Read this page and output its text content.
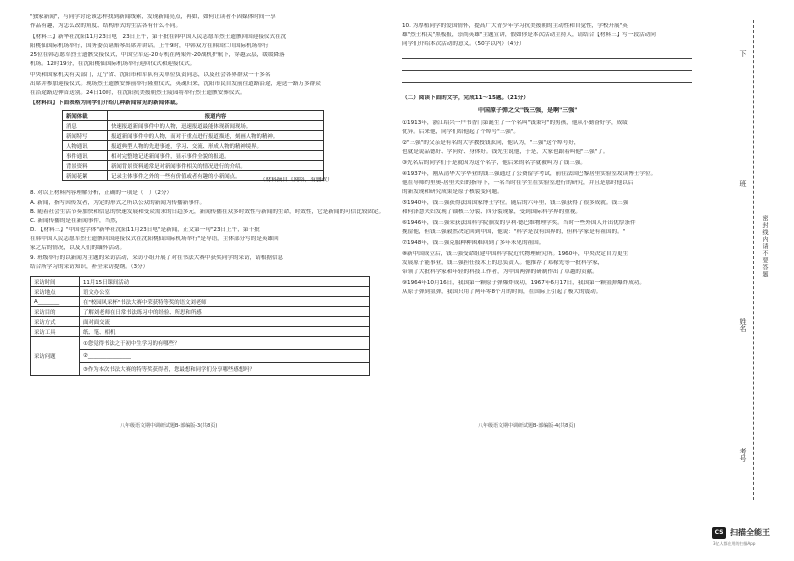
"独家新闻"，与同学讨论该怎样找到新闻线索，发现新闻亮点，再如，如何让读者不因媒体时间一享
作品有趣，为怎么改的角度、结构形式的生活各有什么不同。
【材料三】新华社沈阳11月23日电　23日上午，第十批在韩中国人民志愿军烈士遗骸回国迎接仪式在沈
阳桃仙国际机场举行，国务委员谌贻琴出席并讲话。上午9时，中韩双方在韩国仁川国际机场举行
25位在韩志愿军烈士遗骸交接仪式，中国空军运-20专机在两架歼-20战机护航下，穿越云层，缓缓降落
机场。12时19分，在沈阳桃仙国际机场举行迎回仪式和迎接仪式。
中央和国家机关有关部门，辽宁省、沈阳市和军队有关单位负责同志，以及社会各界群众一千多名
出席并参加迎接仪式。现场烈士遗骸安葬前举行隆重仪式，英魂归来，沈阳市民自发前往道路沿途，迎送一路万多群众
在沿途路边伸首送别。24日10时，在沈阳抗美援朝烈士陵园将举行烈士遗骸安葬仪式。
【材料四】下面表格为同学们介绍几种新闻常见的新闻体裁。
新闻体裁	报道内容
消息	快速报道新闻事件中的人物，迅速报道最能体现新闻现场。
新闻特写	报道新闻事件中的人物，而对于重点进行报道描述，刻画人物的精神。
人物通讯	报道典型人物的先进事迹，学习、交流、形成人物的精神境界。
事件通讯	相对完整地记述新闻事件，显示事件全貌的报道。
背景资料	新闻背景资料通常是对新闻事件相关的情况进行的介绍。
新闻花絮	记录主体事件之外的一些有价值或者有趣的小新闻点。
（材料摘自《网络，有删改）
8. 对以上材料内容理解分析，正确的一项是（　）（2分）
A. 新闻，指写因传发者，为定的形式之所以公众的新闻为传播新事件。
B. 随着社会生活节奏加快和信息的快速发展和受众需求的日趋多元，新闻传播在众多时效性与新闻的生命，时效性，它是新闻的可信比较固定。
C. 新闻传播的是在新闻事件，当然，
D. 【材料三】"中国也字体"新华社沈阳11月23日电"是新闻，正文第一句"23日上午，第十批
在韩中国人民志愿军烈士遗骸回国迎接仪式在沈阳桃仙国际机场举行"是导语，主体部分写的是英雄回
家之后的情况，以及人们的缅怀活动。
9. 班级举行的以新闻为主题的采访活动，采访小组开展了对在书法大赛中获奖同学的采访，请根据信息
结合所学习的采访知识，补全采访提纲。（3分）
采访时间	11月15日课间活动
采访地点	语文办公室
A________	在"校园风采杯"书法大赛中荣获特等奖的语文刘老师
采访目的	了解刘老师在日常书法练习中的经验、所思和所感
采访方式	面对面交流
采访工具	纸、笔、相机
采访问题	①您觉得书法之于初中生学习的有哪些？
	②________________
	③作为本次书法大赛的特等奖获得者，您最想和同学们分享哪些感想吗？
八年级语文期中调研试题B-部编版-3(共8页)
10. 为厚植同学的爱国情怀，提高广大青少年学习抗美援朝的主动性和自觉性，学校开展"英
雄"烈士相关"黑板报，崇尚英雄"主题宣讲，假如你是本次活动主持人，请结合【材料三】写一段活动向
同学们介绍本次活动的意义。（50字以内）（4分）
（二）阅读下面的文字，完成11～15题。（21分）
中国原子弹之父"钱三强，是啊"三强"
①1913年，浙江绍兴一户书香门第诞生了一个名叫"钱秉穹"的男孩，他从小勤奋好学，成绩
优异。后来他，同学们给他起了个绰号"三强"。
②"三强"的父亲是有名的大学教授钱玄同，他认为，"三强"这个绰号好，
也就是说品德好、学问好、身体好。钱先生说他，于是，大家也跟着叫他"三强"了。
③先名后的同学们于是就因为这个名字，他后来的名字就被叫为了钱三强。
④1937年，刚从清华大学毕业的钱三强通过了公费留学考试，前往法国巴黎居里实验室攻读博士学位。
他在导师约里奥-居里夫妇的指导下，一名当时在学生在实验室进行的研究，并且是那时他以后
的新发现和研究成果是原子核裂变问题。
⑤1940年，钱三强获得法国国家博士学位。随后的六年里，钱三强获得了很多成就。钱三强
和何泽慧夫妇发现了铀核三分裂、四分裂现象，受到国际科学界的重视。
⑥1946年，钱三强荣获法国科学院颁发的亨利·德巴维物理学奖。当时一些外国人开出优厚条件
挽留他，但钱三强毅然决定回到中国，他说："科学是没有国界的，但科学家是有祖国的。"
⑦1948年，钱三强克服种种困难回到了多年未见的祖国。
⑧新中国成立后，钱三强受命组建中国科学院近代物理研究所。1960年，中央决定自力更生
发展原子能事业，钱三强担任技术上的总负责人。他推荐了邓稼先等一批科学家，
带领了大批科学家和年轻的科技工作者，为中国两弹的研制作出了卓越的贡献。
⑨1964年10月16日，我国第一颗原子弹爆炸成功，1967年6月17日，我国第一颗氢弹爆炸成功。
从原子弹到氢弹，我国只用了两年零8个月的时间，在国际上引起了极大的震动。
八年级语文期中调研试题B-部编版-4(共8页)
下
班
姓名
考号
密封线内请不要答题
CS 扫描全能王
3亿人都在用的扫描App
